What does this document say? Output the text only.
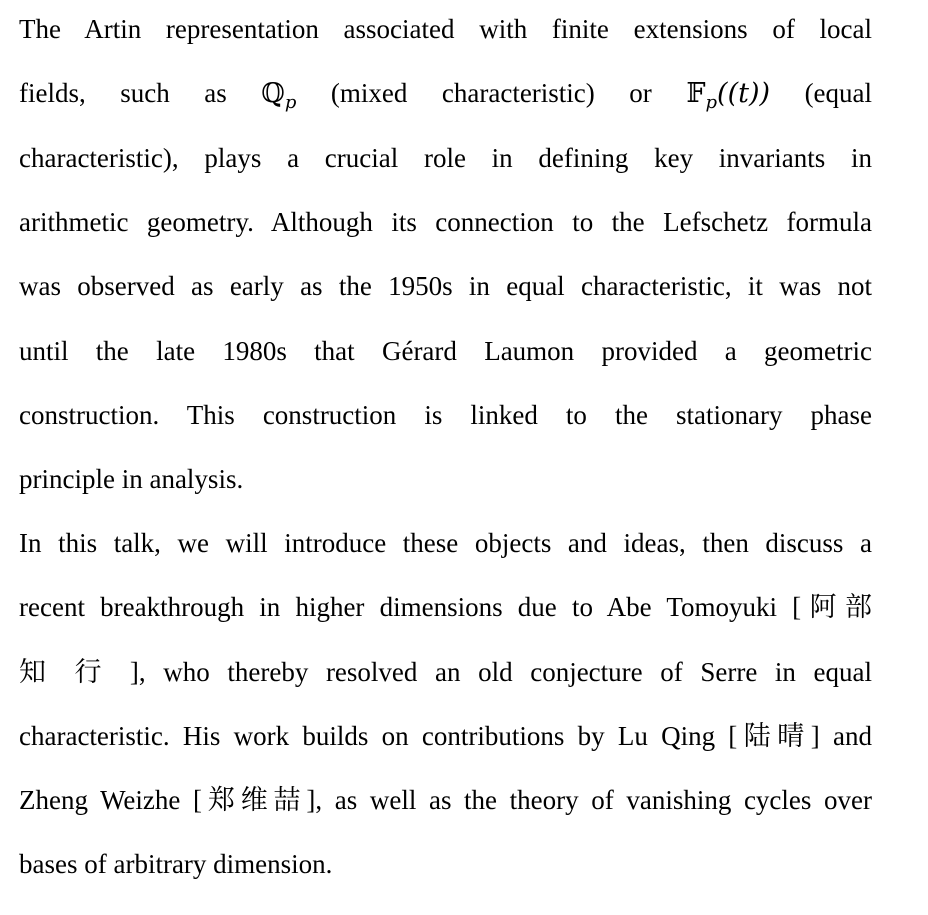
The Artin representation associated with finite extensions of local
fields, such as ℚ$_p$ (mixed characteristic) or 𝔽$_p$((t)) (equal
characteristic), plays a crucial role in defining key invariants in
arithmetic geometry. Although its connection to the Lefschetz formula
was observed as early as the 1950s in equal characteristic, it was not
until the late 1980s that Gérard Laumon provided a geometric
construction. This construction is linked to the stationary phase
principle in analysis.
In this talk, we will introduce these objects and ideas, then discuss a
recent breakthrough in higher dimensions due to Abe Tomoyuki [阿部
知 行 ], who thereby resolved an old conjecture of Serre in equal
characteristic. His work builds on contributions by Lu Qing [陆晴] and
Zheng Weizhe [郑维喆], as well as the theory of vanishing cycles over
bases of arbitrary dimension.
